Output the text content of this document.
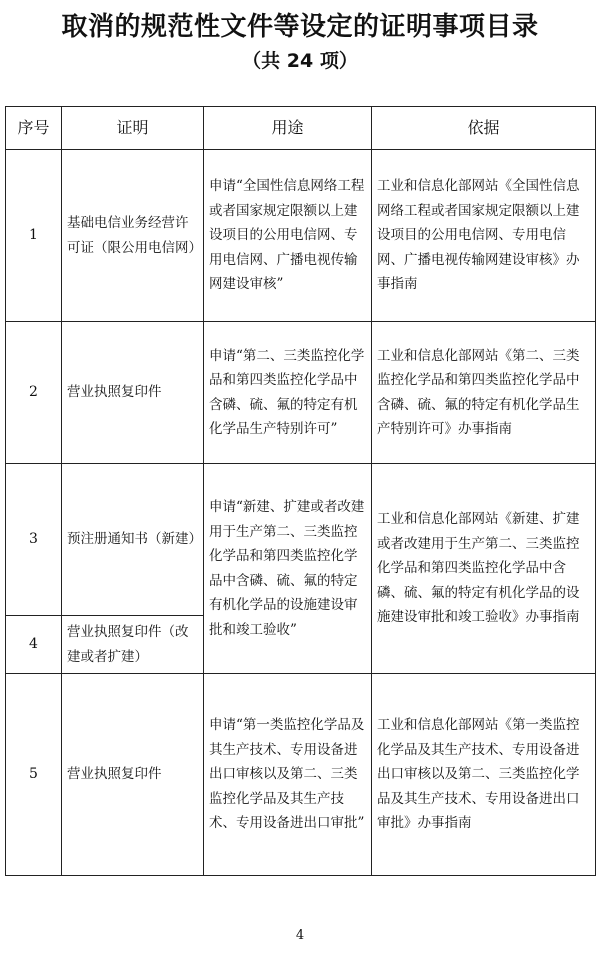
取消的规范性文件等设定的证明事项目录
（共 24 项）
序号	证明	用途	依据
1	基础电信业务经营许可证（限公用电信网）	申请“全国性信息网络工程或者国家规定限额以上建设项目的公用电信网、专用电信网、广播电视传输网建设审核”	工业和信息化部网站《全国性信息网络工程或者国家规定限额以上建设项目的公用电信网、专用电信网、广播电视传输网建设审核》办事指南

2	营业执照复印件	申请“第二、三类监控化学品和第四类监控化学品中含磷、硫、氟的特定有机化学品生产特别许可”	工业和信息化部网站《第二、三类监控化学品和第四类监控化学品中含磷、硫、氟的特定有机化学品生产特别许可》办事指南

3	预注册通知书（新建）	申请“新建、扩建或者改建用于生产第二、三类监控化学品和第四类监控化学品中含磷、硫、氟的特定有机化学品的设施建设审批和竣工验收”	工业和信息化部网站《新建、扩建或者改建用于生产第二、三类监控化学品和第四类监控化学品中含磷、硫、氟的特定有机化学品的设施建设审批和竣工验收》办事指南

4	营业执照复印件（改建或者扩建）		

5	营业执照复印件	申请“第一类监控化学品及其生产技术、专用设备进出口审核以及第二、三类监控化学品及其生产技术、专用设备进出口审批”	工业和信息化部网站《第一类监控化学品及其生产技术、专用设备进出口审核以及第二、三类监控化学品及其生产技术、专用设备进出口审批》办事指南
4
